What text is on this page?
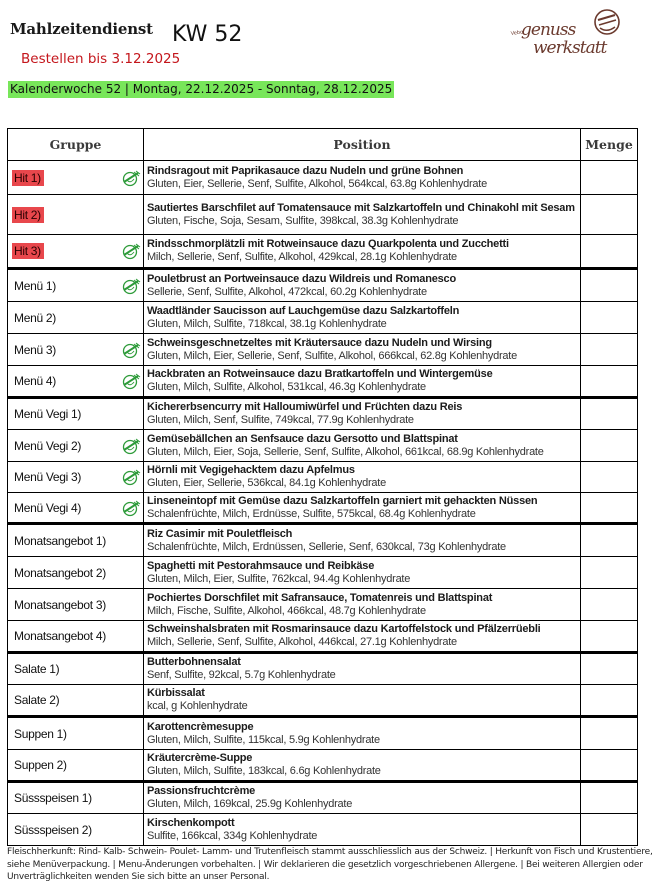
Mahlzeitendienst KW 52
Bestellen bis 3.12.2025
Kalenderwoche 52 | Montag, 22.12.2025 - Sonntag, 28.12.2025
Vebo
genuss
werkstatt
Gruppe	Position	Menge
Hit 1)	Rindsragout mit Paprikasauce dazu Nudeln und grüne Bohnen
Gluten, Eier, Sellerie, Senf, Sulfite, Alkohol, 564kcal, 63.8g Kohlenhydrate	

Hit 2)	Sautiertes Barschfilet auf Tomatensauce mit Salzkartoffeln und Chinakohl mit Sesam
Gluten, Fische, Soja, Sesam, Sulfite, 398kcal, 38.3g Kohlenhydrate	

Hit 3)	Rindsschmorplätzli mit Rotweinsauce dazu Quarkpolenta und Zucchetti
Milch, Sellerie, Senf, Sulfite, Alkohol, 429kcal, 28.1g Kohlenhydrate	

Menü 1)	Pouletbrust an Portweinsauce dazu Wildreis und Romanesco
Sellerie, Senf, Sulfite, Alkohol, 472kcal, 60.2g Kohlenhydrate	

Menü 2)	Waadtländer Saucisson auf Lauchgemüse dazu Salzkartoffeln
Gluten, Milch, Sulfite, 718kcal, 38.1g Kohlenhydrate	

Menü 3)	Schweinsgeschnetzeltes mit Kräutersauce dazu Nudeln und Wirsing
Gluten, Milch, Eier, Sellerie, Senf, Sulfite, Alkohol, 666kcal, 62.8g Kohlenhydrate	

Menü 4)	Hackbraten an Rotweinsauce dazu Bratkartoffeln und Wintergemüse
Gluten, Milch, Sulfite, Alkohol, 531kcal, 46.3g Kohlenhydrate	

Menü Vegi 1)	Kichererbsencurry mit Halloumiwürfel und Früchten dazu Reis
Gluten, Milch, Senf, Sulfite, 749kcal, 77.9g Kohlenhydrate	

Menü Vegi 2)	Gemüsebällchen an Senfsauce dazu Gersotto und Blattspinat
Gluten, Milch, Eier, Soja, Sellerie, Senf, Sulfite, Alkohol, 661kcal, 68.9g Kohlenhydrate	

Menü Vegi 3)	Hörnli mit Vegigehacktem dazu Apfelmus
Gluten, Eier, Sellerie, 536kcal, 84.1g Kohlenhydrate	

Menü Vegi 4)	Linseneintopf mit Gemüse dazu Salzkartoffeln garniert mit gehackten Nüssen
Schalenfrüchte, Milch, Erdnüsse, Sulfite, 575kcal, 68.4g Kohlenhydrate	

Monatsangebot 1)	Riz Casimir mit Pouletfleisch
Schalenfrüchte, Milch, Erdnüssen, Sellerie, Senf, 630kcal, 73g Kohlenhydrate	

Monatsangebot 2)	Spaghetti mit Pestorahmsauce und Reibkäse
Gluten, Milch, Eier, Sulfite, 762kcal, 94.4g Kohlenhydrate	

Monatsangebot 3)	Pochiertes Dorschfilet mit Safransauce, Tomatenreis und Blattspinat
Milch, Fische, Sulfite, Alkohol, 466kcal, 48.7g Kohlenhydrate	

Monatsangebot 4)	Schweinshalsbraten mit Rosmarinsauce dazu Kartoffelstock und Pfälzerrüebli
Milch, Sellerie, Senf, Sulfite, Alkohol, 446kcal, 27.1g Kohlenhydrate	

Salate 1)	Butterbohnensalat
Senf, Sulfite, 92kcal, 5.7g Kohlenhydrate	

Salate 2)	Kürbissalat
kcal, g Kohlenhydrate	

Suppen 1)	Karottencrèmesuppe
Gluten, Milch, Sulfite, 115kcal, 5.9g Kohlenhydrate	

Suppen 2)	Kräutercrème-Suppe
Gluten, Milch, Sulfite, 183kcal, 6.6g Kohlenhydrate	

Süssspeisen 1)	Passionsfruchtcrème
Gluten, Milch, 169kcal, 25.9g Kohlenhydrate	

Süssspeisen 2)	Kirschenkompott
Sulfite, 166kcal, 334g Kohlenhydrate	

Fleischherkunft: Rind- Kalb- Schwein- Poulet- Lamm- und Trutenfleisch stammt ausschliesslich aus der Schweiz. | Herkunft von Fisch und Krustentiere, siehe Menüverpackung. | Menu-Änderungen vorbehalten. | Wir deklarieren die gesetzlich vorgeschriebenen Allergene. | Bei weiteren Allergien oder Unverträglichkeiten wenden Sie sich bitte an unser Personal.
